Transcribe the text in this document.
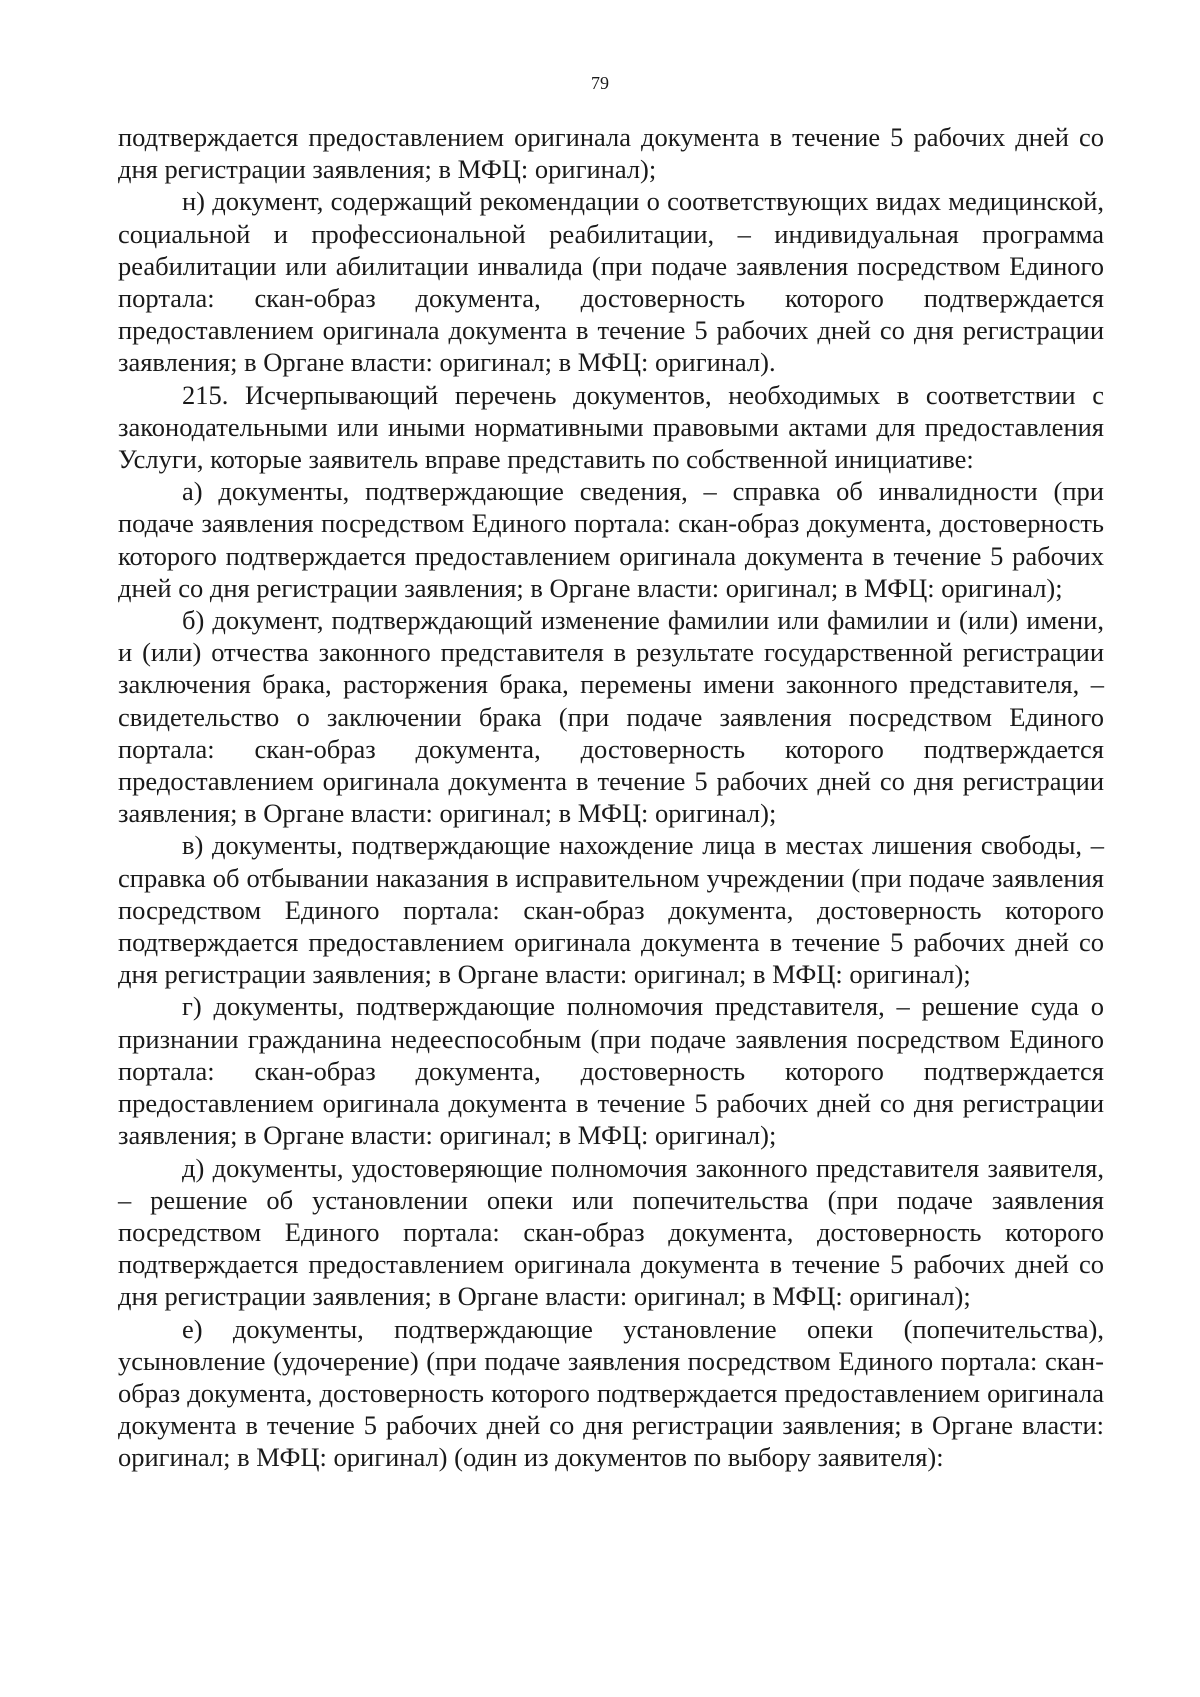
79

подтверждается предоставлением оригинала документа в течение 5 рабочих дней со дня регистрации заявления; в МФЦ: оригинал);

н) документ, содержащий рекомендации о соответствующих видах медицинской, социальной и профессиональной реабилитации, – индивидуальная программа реабилитации или абилитации инвалида (при подаче заявления посредством Единого портала: скан-образ документа, достоверность которого подтверждается предоставлением оригинала документа в течение 5 рабочих дней со дня регистрации заявления; в Органе власти: оригинал; в МФЦ: оригинал).

215. Исчерпывающий перечень документов, необходимых в соответствии с законодательными или иными нормативными правовыми актами для предоставления Услуги, которые заявитель вправе представить по собственной инициативе:

а) документы, подтверждающие сведения, – справка об инвалидности (при подаче заявления посредством Единого портала: скан-образ документа, достоверность которого подтверждается предоставлением оригинала документа в течение 5 рабочих дней со дня регистрации заявления; в Органе власти: оригинал; в МФЦ: оригинал);

б) документ, подтверждающий изменение фамилии или фамилии и (или) имени, и (или) отчества законного представителя в результате государственной регистрации заключения брака, расторжения брака, перемены имени законного представителя, – свидетельство о заключении брака (при подаче заявления посредством Единого портала: скан-образ документа, достоверность которого подтверждается предоставлением оригинала документа в течение 5 рабочих дней со дня регистрации заявления; в Органе власти: оригинал; в МФЦ: оригинал);

в) документы, подтверждающие нахождение лица в местах лишения свободы, – справка об отбывании наказания в исправительном учреждении (при подаче заявления посредством Единого портала: скан-образ документа, достоверность которого подтверждается предоставлением оригинала документа в течение 5 рабочих дней со дня регистрации заявления; в Органе власти: оригинал; в МФЦ: оригинал);

г) документы, подтверждающие полномочия представителя, – решение суда о признании гражданина недееспособным (при подаче заявления посредством Единого портала: скан-образ документа, достоверность которого подтверждается предоставлением оригинала документа в течение 5 рабочих дней со дня регистрации заявления; в Органе власти: оригинал; в МФЦ: оригинал);

д) документы, удостоверяющие полномочия законного представителя заявителя, – решение об установлении опеки или попечительства (при подаче заявления посредством Единого портала: скан-образ документа, достоверность которого подтверждается предоставлением оригинала документа в течение 5 рабочих дней со дня регистрации заявления; в Органе власти: оригинал; в МФЦ: оригинал);

е) документы, подтверждающие установление опеки (попечительства), усыновление (удочерение) (при подаче заявления посредством Единого портала: скан-образ документа, достоверность которого подтверждается предоставлением оригинала документа в течение 5 рабочих дней со дня регистрации заявления; в Органе власти: оригинал; в МФЦ: оригинал) (один из документов по выбору заявителя):
